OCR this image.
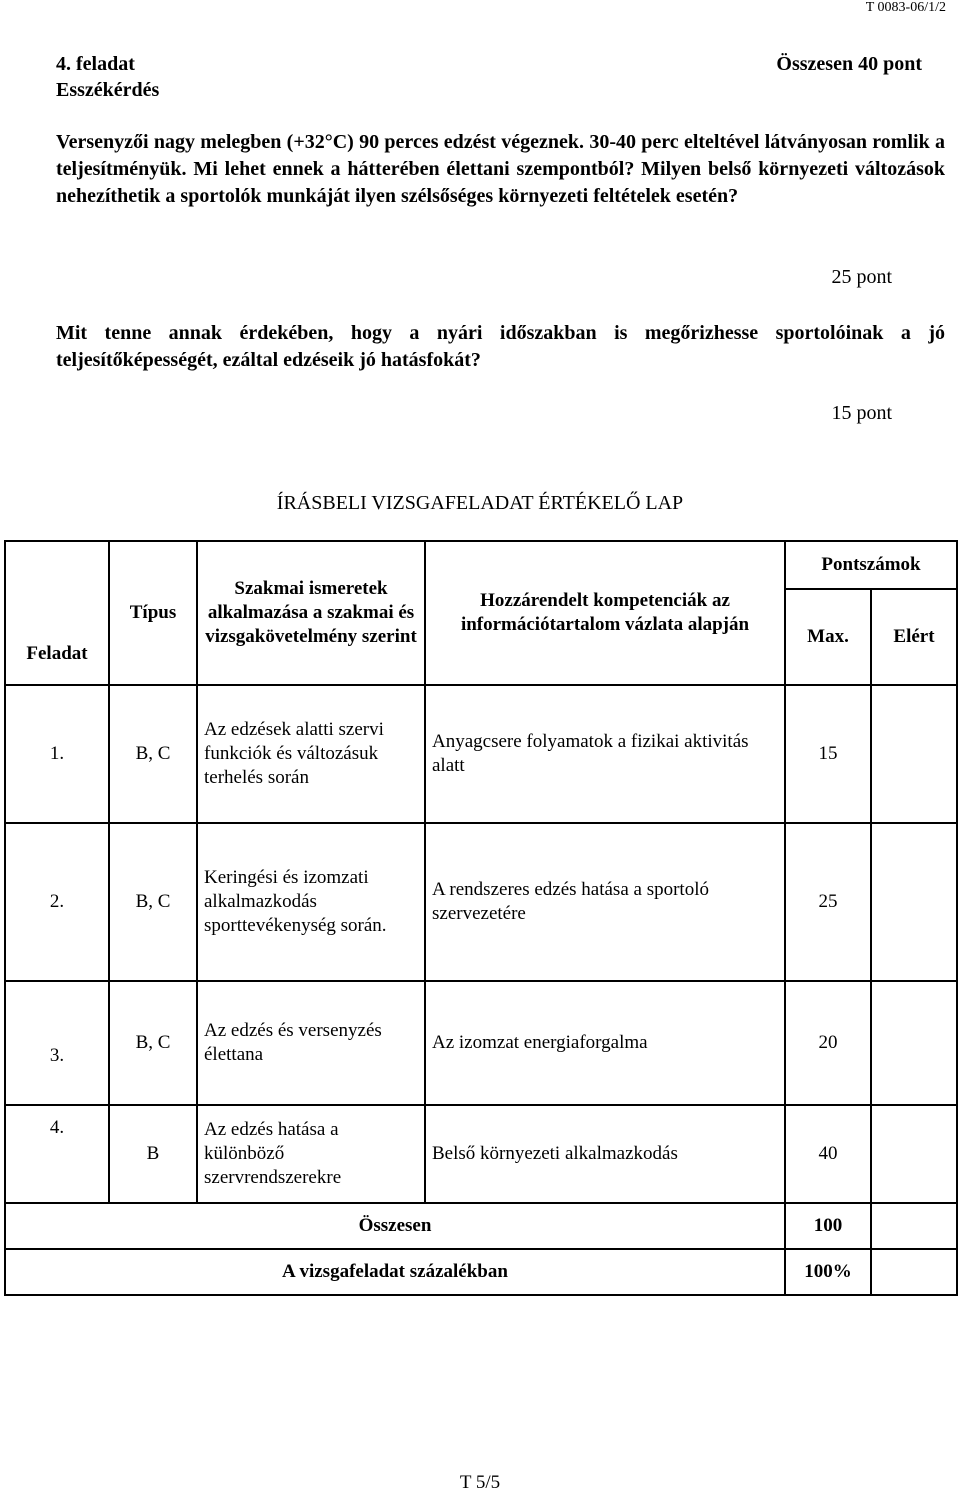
T 0083-06/1/2
4. feladat
Esszékérdés
Összesen 40 pont
Versenyzői nagy melegben (+32°C) 90 perces edzést végeznek. 30-40 perc elteltével látványosan romlik a teljesítményük. Mi lehet ennek a hátterében élettani szempontból? Milyen belső környezeti változások nehezíthetik a sportolók munkáját ilyen szélsőséges környezeti feltételek esetén?
25 pont
Mit tenne annak érdekében, hogy a nyári időszakban is megőrizhesse sportolóinak a jó teljesítőképességét, ezáltal edzéseik jó hatásfokát?
15 pont
ÍRÁSBELI VIZSGAFELADAT ÉRTÉKELŐ LAP
Feladat	Típus	Szakmai ismeretek alkalmazása a szakmai és vizsgakövetelmény szerint	Hozzárendelt kompetenciák az információtartalom vázlata alapján	Pontszámok	
				Max.	Elért
1.	B, C	Az edzések alatti szervi funkciók és változásuk terhelés során	Anyagcsere folyamatok a fizikai aktivitás alatt	15	
2.	B, C	Keringési és izomzati alkalmazkodás sporttevékenység során.	A rendszeres edzés hatása a sportoló szervezetére	25	
3.	B, C	Az edzés és versenyzés élettana	Az izomzat energiaforgalma	20	
4.	B	Az edzés hatása a különböző szervrendszerekre	Belső környezeti alkalmazkodás	40	
Összesen				100	
A vizsgafeladat százalékban				100%	
T 5/5
